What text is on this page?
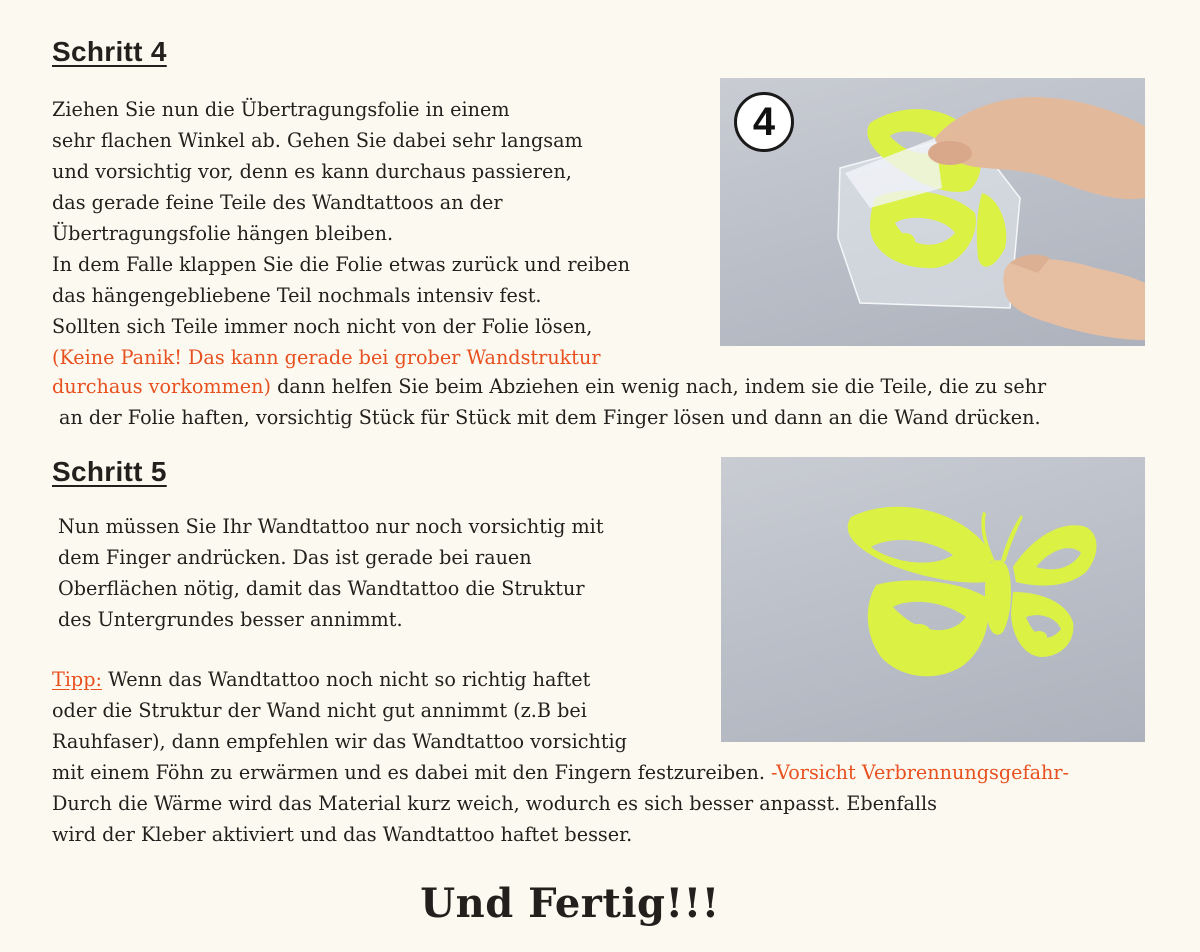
Schritt 4
Ziehen Sie nun die Übertragungsfolie in einem
sehr flachen Winkel ab. Gehen Sie dabei sehr langsam
und vorsichtig vor, denn es kann durchaus passieren,
das gerade feine Teile des Wandtattoos an der
Übertragungsfolie hängen bleiben.
In dem Falle klappen Sie die Folie etwas zurück und reiben
das hängengebliebene Teil nochmals intensiv fest.
Sollten sich Teile immer noch nicht von der Folie lösen,
(Keine Panik! Das kann gerade bei grober Wandstruktur
durchaus vorkommen) dann helfen Sie beim Abziehen ein wenig nach, indem sie die Teile, die zu sehr
an der Folie haften, vorsichtig Stück für Stück mit dem Finger lösen und dann an die Wand drücken.
4
Schritt 5
Nun müssen Sie Ihr Wandtattoo nur noch vorsichtig mit
dem Finger andrücken. Das ist gerade bei rauen
Oberflächen nötig, damit das Wandtattoo die Struktur
des Untergrundes besser annimmt.
Tipp: Wenn das Wandtattoo noch nicht so richtig haftet
oder die Struktur der Wand nicht gut annimmt (z.B bei
Rauhfaser), dann empfehlen wir das Wandtattoo vorsichtig
mit einem Föhn zu erwärmen und es dabei mit den Fingern festzureiben. -Vorsicht Verbrennungsgefahr-
Durch die Wärme wird das Material kurz weich, wodurch es sich besser anpasst. Ebenfalls
wird der Kleber aktiviert und das Wandtattoo haftet besser.
Und Fertig!!!
